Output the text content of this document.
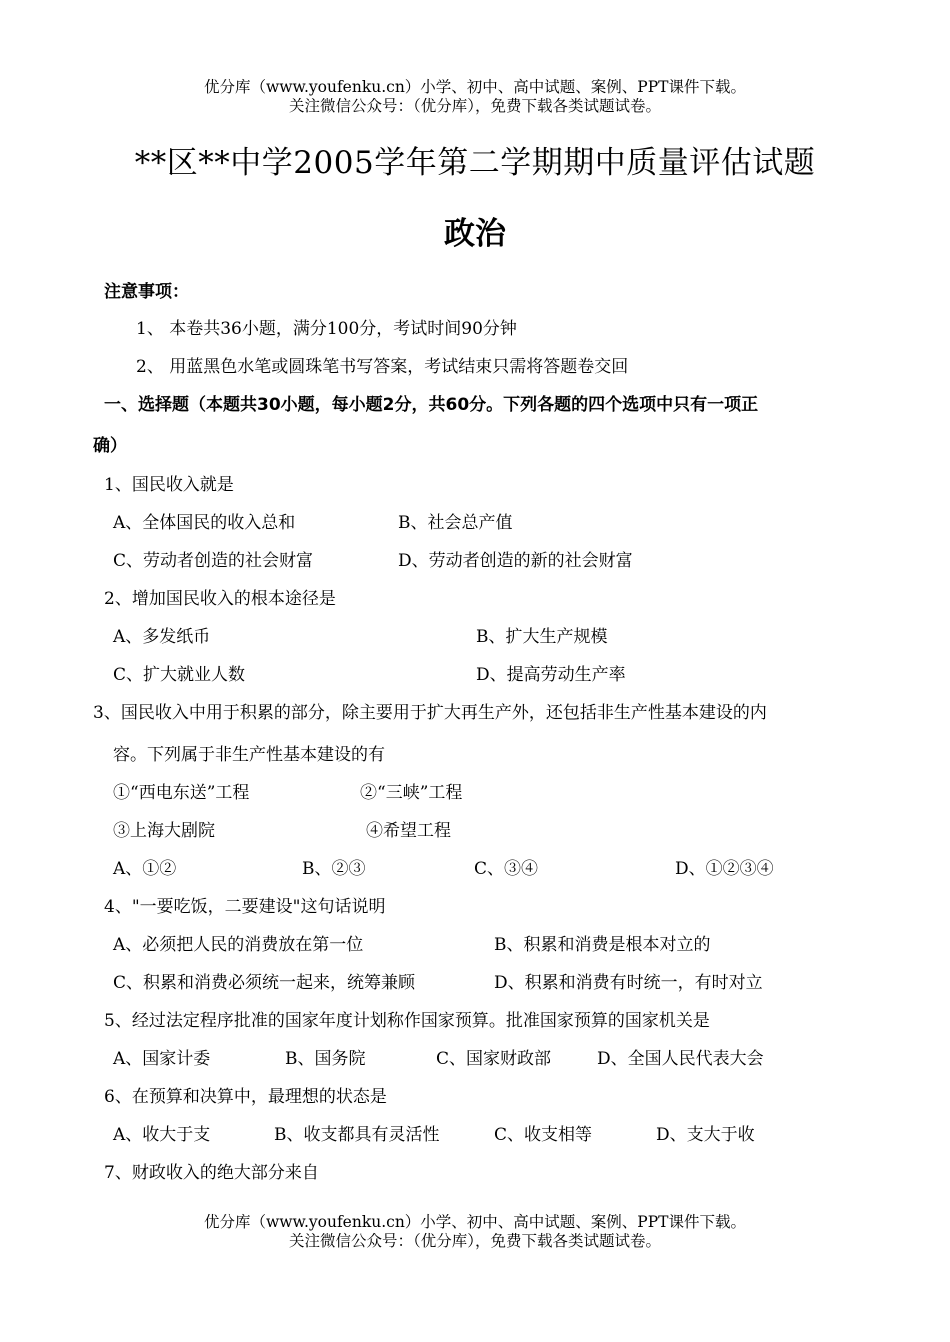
优分库（www.youfenku.cn）小学、初中、高中试题、案例、PPT课件下载。
关注微信公众号：（优分库），免费下载各类试题试卷。
**区**中学2005学年第二学期期中质量评估试题
政治
注意事项：
1、 本卷共36小题，满分100分，考试时间90分钟
2、 用蓝黑色水笔或圆珠笔书写答案，考试结束只需将答题卷交回
一、选择题（本题共30小题，每小题2分，共60分。下列各题的四个选项中只有一项正
确）
1、国民收入就是
A、全体国民的收入总和	B、社会总产值
C、劳动者创造的社会财富	D、劳动者创造的新的社会财富
2、增加国民收入的根本途径是
A、多发纸币	B、扩大生产规模
C、扩大就业人数	D、提高劳动生产率
3、国民收入中用于积累的部分，除主要用于扩大再生产外，还包括非生产性基本建设的内
容。下列属于非生产性基本建设的有
①“西电东送”工程	②“三峡”工程
③上海大剧院	④希望工程
A、①②	B、②③	C、③④	D、①②③④
4、"一要吃饭，二要建设"这句话说明
A、必须把人民的消费放在第一位	B、积累和消费是根本对立的
C、积累和消费必须统一起来，统筹兼顾	D、积累和消费有时统一，有时对立
5、经过法定程序批准的国家年度计划称作国家预算。批准国家预算的国家机关是
A、国家计委	B、国务院	C、国家财政部	D、全国人民代表大会
6、在预算和决算中，最理想的状态是
A、收大于支	B、收支都具有灵活性	C、收支相等	D、支大于收
7、财政收入的绝大部分来自
优分库（www.youfenku.cn）小学、初中、高中试题、案例、PPT课件下载。
关注微信公众号：（优分库），免费下载各类试题试卷。
